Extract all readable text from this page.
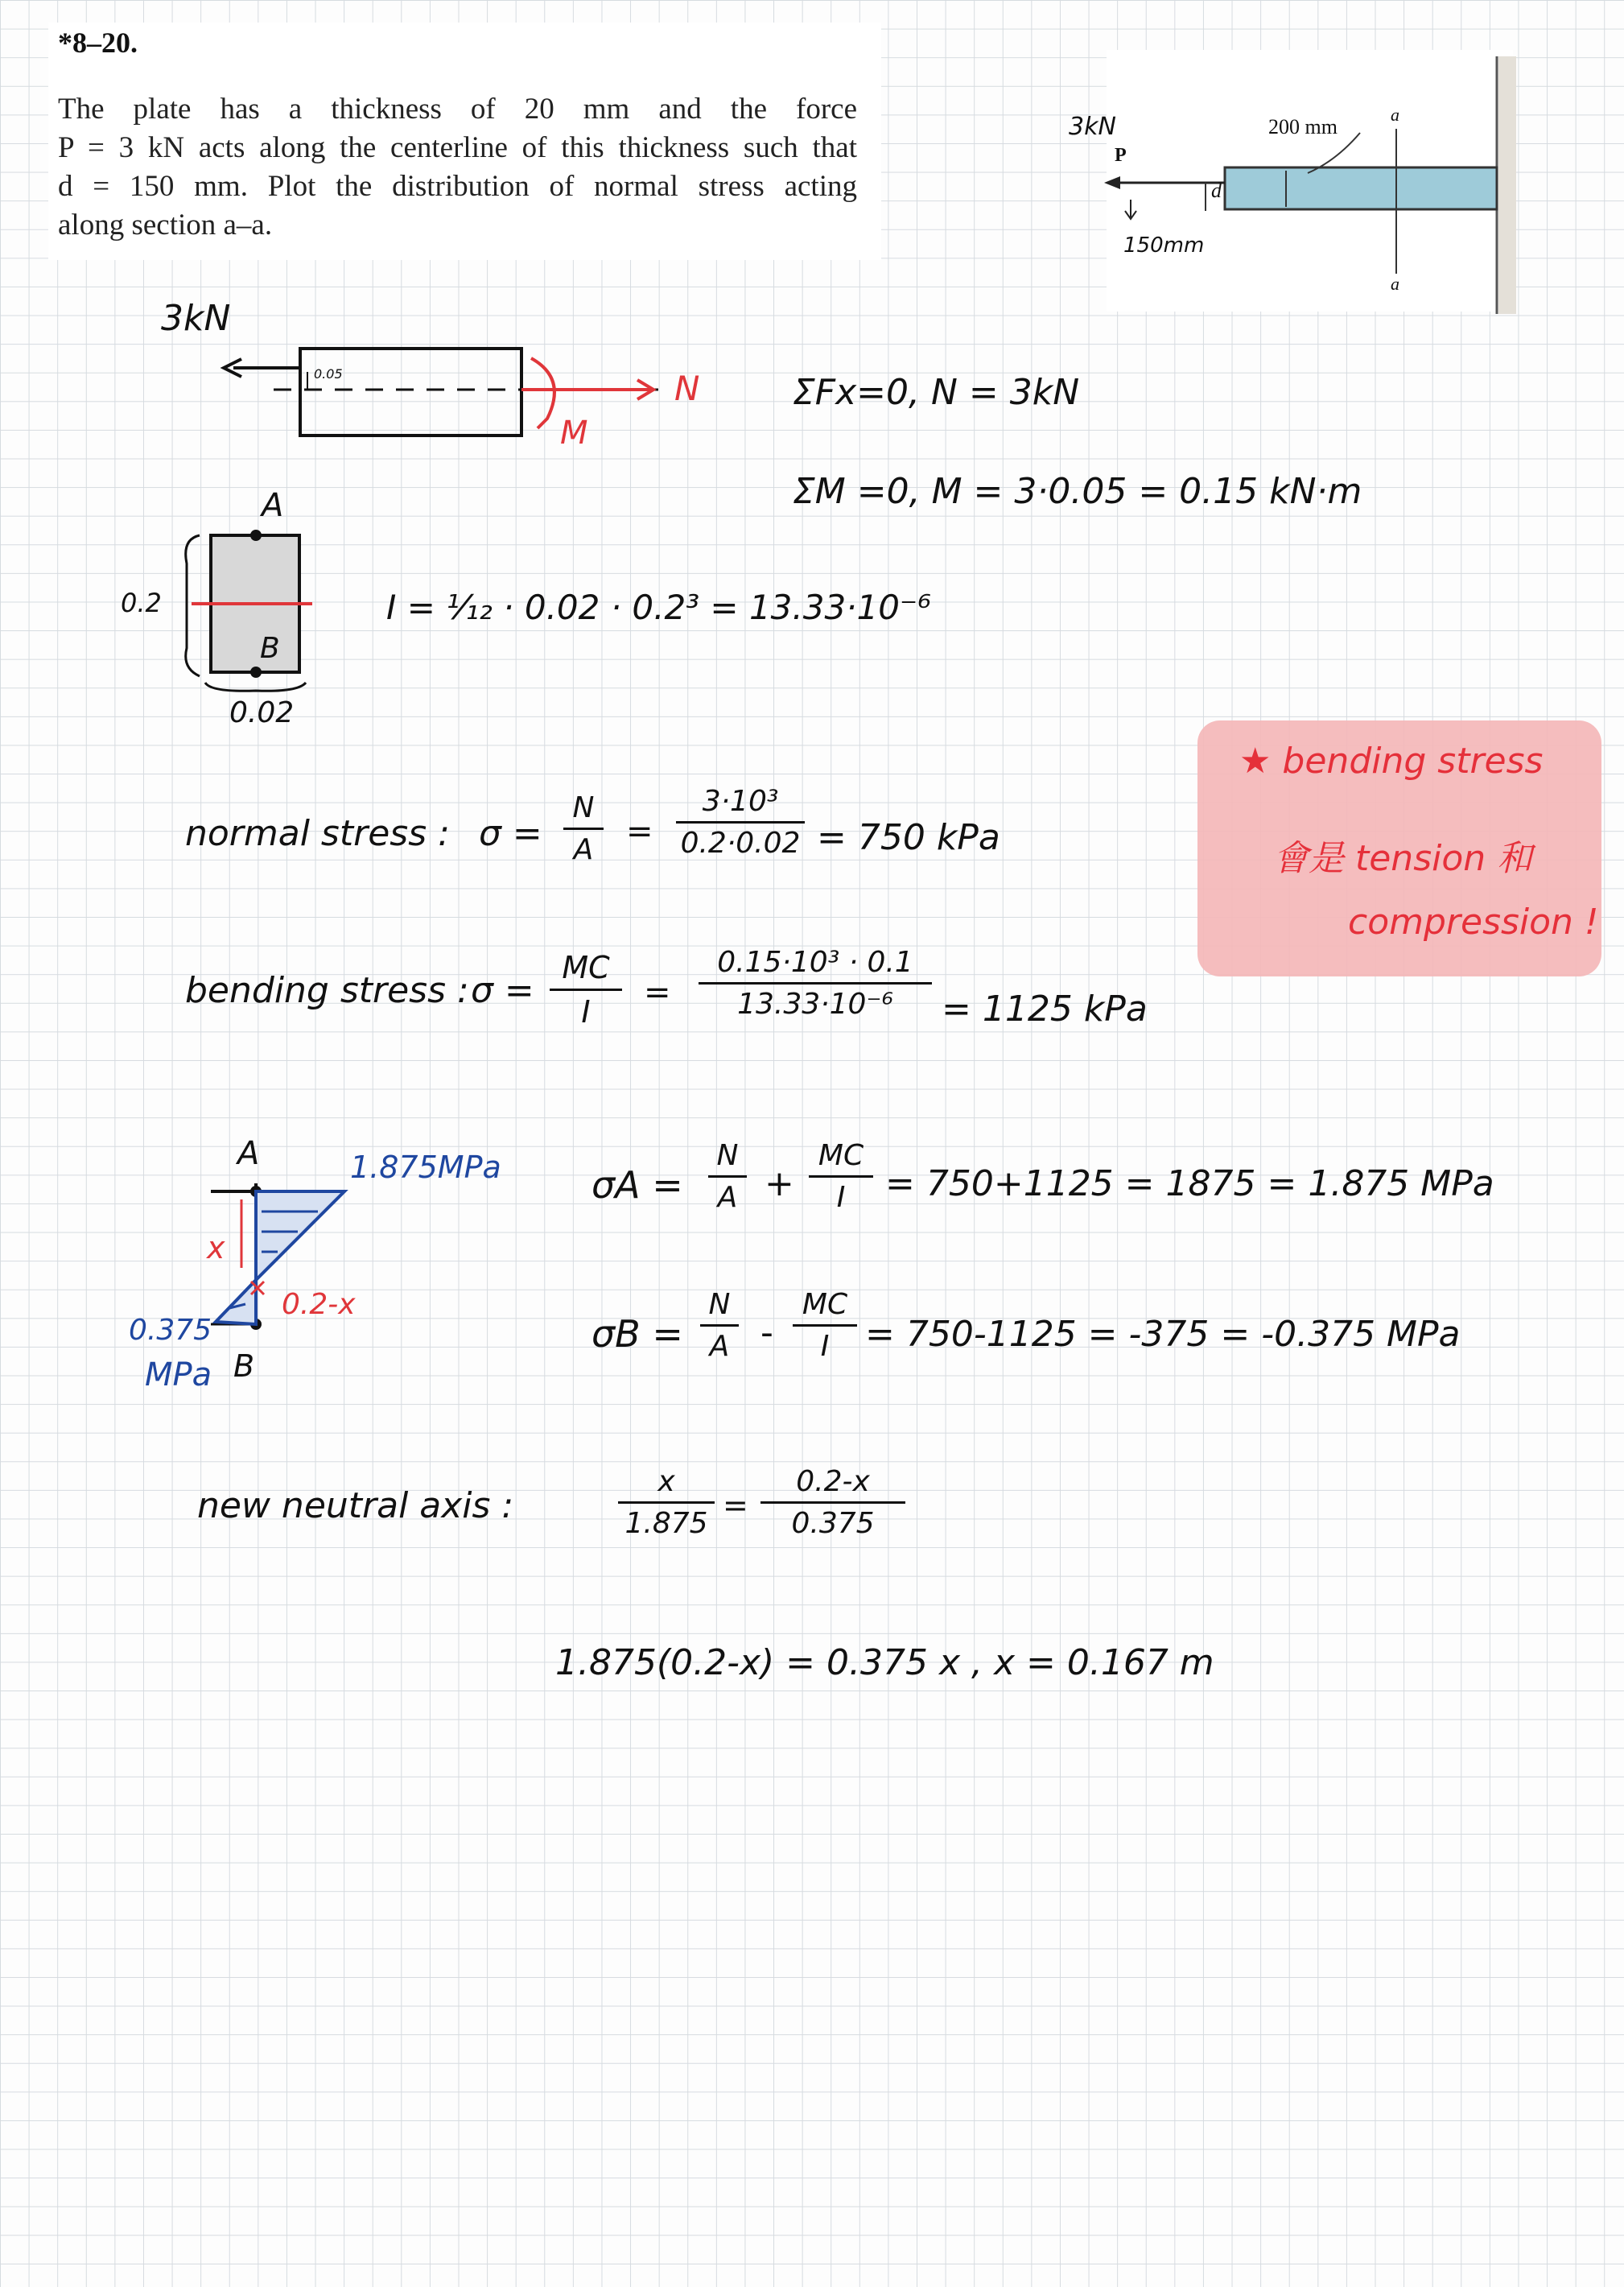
*8–20.
The plate has a thickness of 20 mm and the force
P = 3 kN acts along the centerline of this thickness such that
d = 150 mm. Plot the distribution of normal stress acting
along section a–a.
3kN
P
d
150mm
200 mm
a
a
3kN
0.05	N
M
ΣFx=0, N = 3kN
ΣM =0, M = 3·0.05 = 0.15 kN·m
A
B
0.2
0.02
I = ¹⁄₁₂ · 0.02 · 0.2³ = 13.33·10⁻⁶
normal stress : σ =
N
A	=
3·10³
0.2·0.02 = 750 kPa
bending stress : σ =
MC
I
=
0.15·10³ · 0.1
13.33·10⁻⁶	= 1125 kPa
A	1.875MPa
x
0.2-x
0.375
MPa B
σA =
N
A +
MC
I	= 750+1125 = 1875 = 1.875 MPa
σB =
N
A -
MC
I	= 750-1125 = -375 = -0.375 MPa
new neutral axis :
x
1.875
=
0.2-x
0.375
1.875(0.2-x) = 0.375 x , x = 0.167 m
★ bending stress
會是 tension 和
compression !
